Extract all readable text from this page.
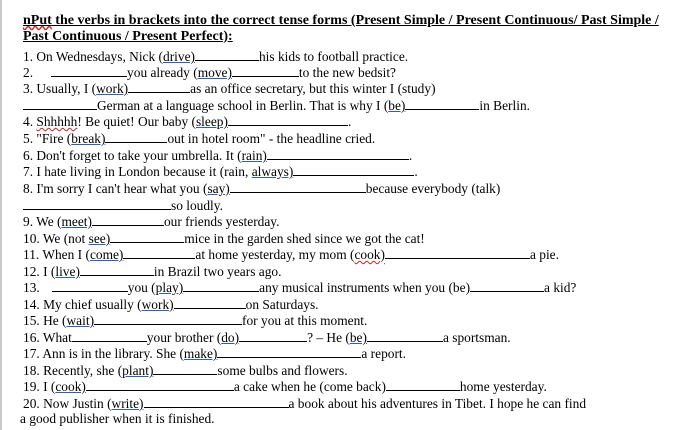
nPut the verbs in brackets into the correct tense forms (Present Simple / Present Continuous/ Past Simple / Past Continuous / Present Perfect):
1. On Wednesdays, Nick (drive)	his kids to football practice.
2.	you already (move)	to the new bedsit?
3. Usually, I (work)	as an office secretary, but this winter I (study)
German at a language school in Berlin. That is why I (be)	in Berlin.
4. Shhhhh! Be quiet! Our baby (sleep)	.
5. "Fire (break)	out in hotel room" - the headline cried.
6. Don't forget to take your umbrella. It (rain)	.
7. I hate living in London because it (rain, always)	.
8. I'm sorry I can't hear what you (say)	because everybody (talk)
so loudly.
9. We (meet)	our friends yesterday.
10. We (not see)	mice in the garden shed since we got the cat!
11. When I (come)	at home yesterday, my mom (cook)	a pie.
12. I (live)	in Brazil two years ago.
13.	you (play)	any musical instruments when you (be)	a kid?
14. My chief usually (work)	on Saturdays.
15. He (wait)	for you at this moment.
16. What	your brother (do)	? – He (be)	a sportsman.
17. Ann is in the library. She (make)	a report.
18. Recently, she (plant)	some bulbs and flowers.
19. I (cook)	a cake when he (come back)	home yesterday.
20. Now Justin (write)	a book about his adventures in Tibet. I hope he can find
a good publisher when it is finished.
